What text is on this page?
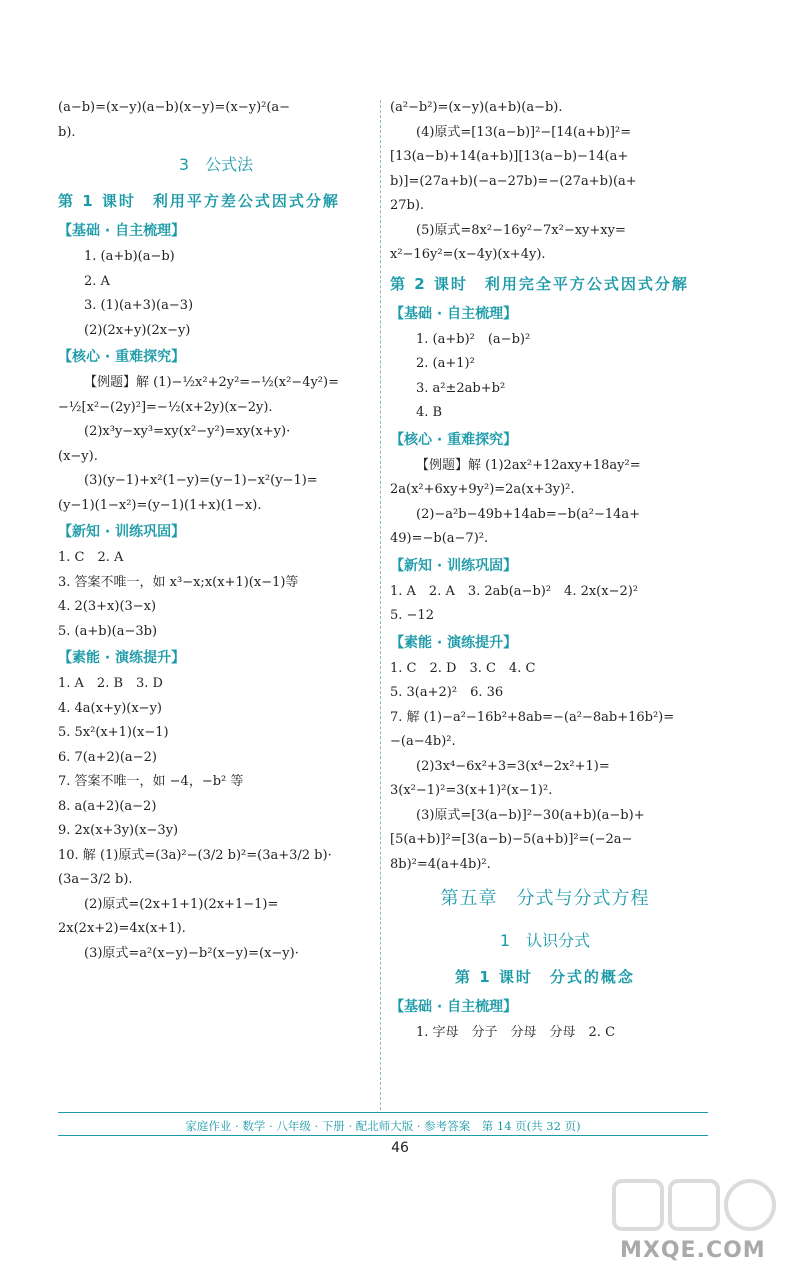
(a−b)=(x−y)(a−b)(x−y)=(x−y)²(a−
b).
3　公式法
第 1 课时　利用平方差公式因式分解
【基础 · 自主梳理】
1. (a+b)(a−b)
2. A
3. (1)(a+3)(a−3)
(2)(2x+y)(2x−y)
【核心 · 重难探究】
【例题】解 (1)−½x²+2y²=−½(x²−4y²)=
−½[x²−(2y)²]=−½(x+2y)(x−2y).
(2)x³y−xy³=xy(x²−y²)=xy(x+y)·
(x−y).
(3)(y−1)+x²(1−y)=(y−1)−x²(y−1)=
(y−1)(1−x²)=(y−1)(1+x)(1−x).
【新知 · 训练巩固】
1. C　2. A
3. 答案不唯一，如 x³−x;x(x+1)(x−1)等
4. 2(3+x)(3−x)
5. (a+b)(a−3b)
【素能 · 演练提升】
1. A　2. B　3. D
4. 4a(x+y)(x−y)
5. 5x²(x+1)(x−1)
6. 7(a+2)(a−2)
7. 答案不唯一，如 −4，−b² 等
8. a(a+2)(a−2)
9. 2x(x+3y)(x−3y)
10. 解 (1)原式=(3a)²−(3/2 b)²=(3a+3/2 b)·
(3a−3/2 b).
(2)原式=(2x+1+1)(2x+1−1)=
2x(2x+2)=4x(x+1).
(3)原式=a²(x−y)−b²(x−y)=(x−y)·
(a²−b²)=(x−y)(a+b)(a−b).
(4)原式=[13(a−b)]²−[14(a+b)]²=
[13(a−b)+14(a+b)][13(a−b)−14(a+
b)]=(27a+b)(−a−27b)=−(27a+b)(a+
27b).
(5)原式=8x²−16y²−7x²−xy+xy=
x²−16y²=(x−4y)(x+4y).
第 2 课时　利用完全平方公式因式分解
【基础 · 自主梳理】
1. (a+b)²　(a−b)²
2. (a+1)²
3. a²±2ab+b²
4. B
【核心 · 重难探究】
【例题】解 (1)2ax²+12axy+18ay²=
2a(x²+6xy+9y²)=2a(x+3y)².
(2)−a²b−49b+14ab=−b(a²−14a+
49)=−b(a−7)².
【新知 · 训练巩固】
1. A　2. A　3. 2ab(a−b)²　4. 2x(x−2)²
5. −12
【素能 · 演练提升】
1. C　2. D　3. C　4. C
5. 3(a+2)²　6. 36
7. 解 (1)−a²−16b²+8ab=−(a²−8ab+16b²)=
−(a−4b)².
(2)3x⁴−6x²+3=3(x⁴−2x²+1)=
3(x²−1)²=3(x+1)²(x−1)².
(3)原式=[3(a−b)]²−30(a+b)(a−b)+
[5(a+b)]²=[3(a−b)−5(a+b)]²=(−2a−
8b)²=4(a+4b)².
第五章　分式与分式方程
1　认识分式
第 1 课时　分式的概念
【基础 · 自主梳理】
1. 字母　分子　分母　分母　2. C
家庭作业 · 数学 · 八年级 · 下册 · 配北师大版 · 参考答案　第 14 页(共 32 页)
46
MXQE.COM
